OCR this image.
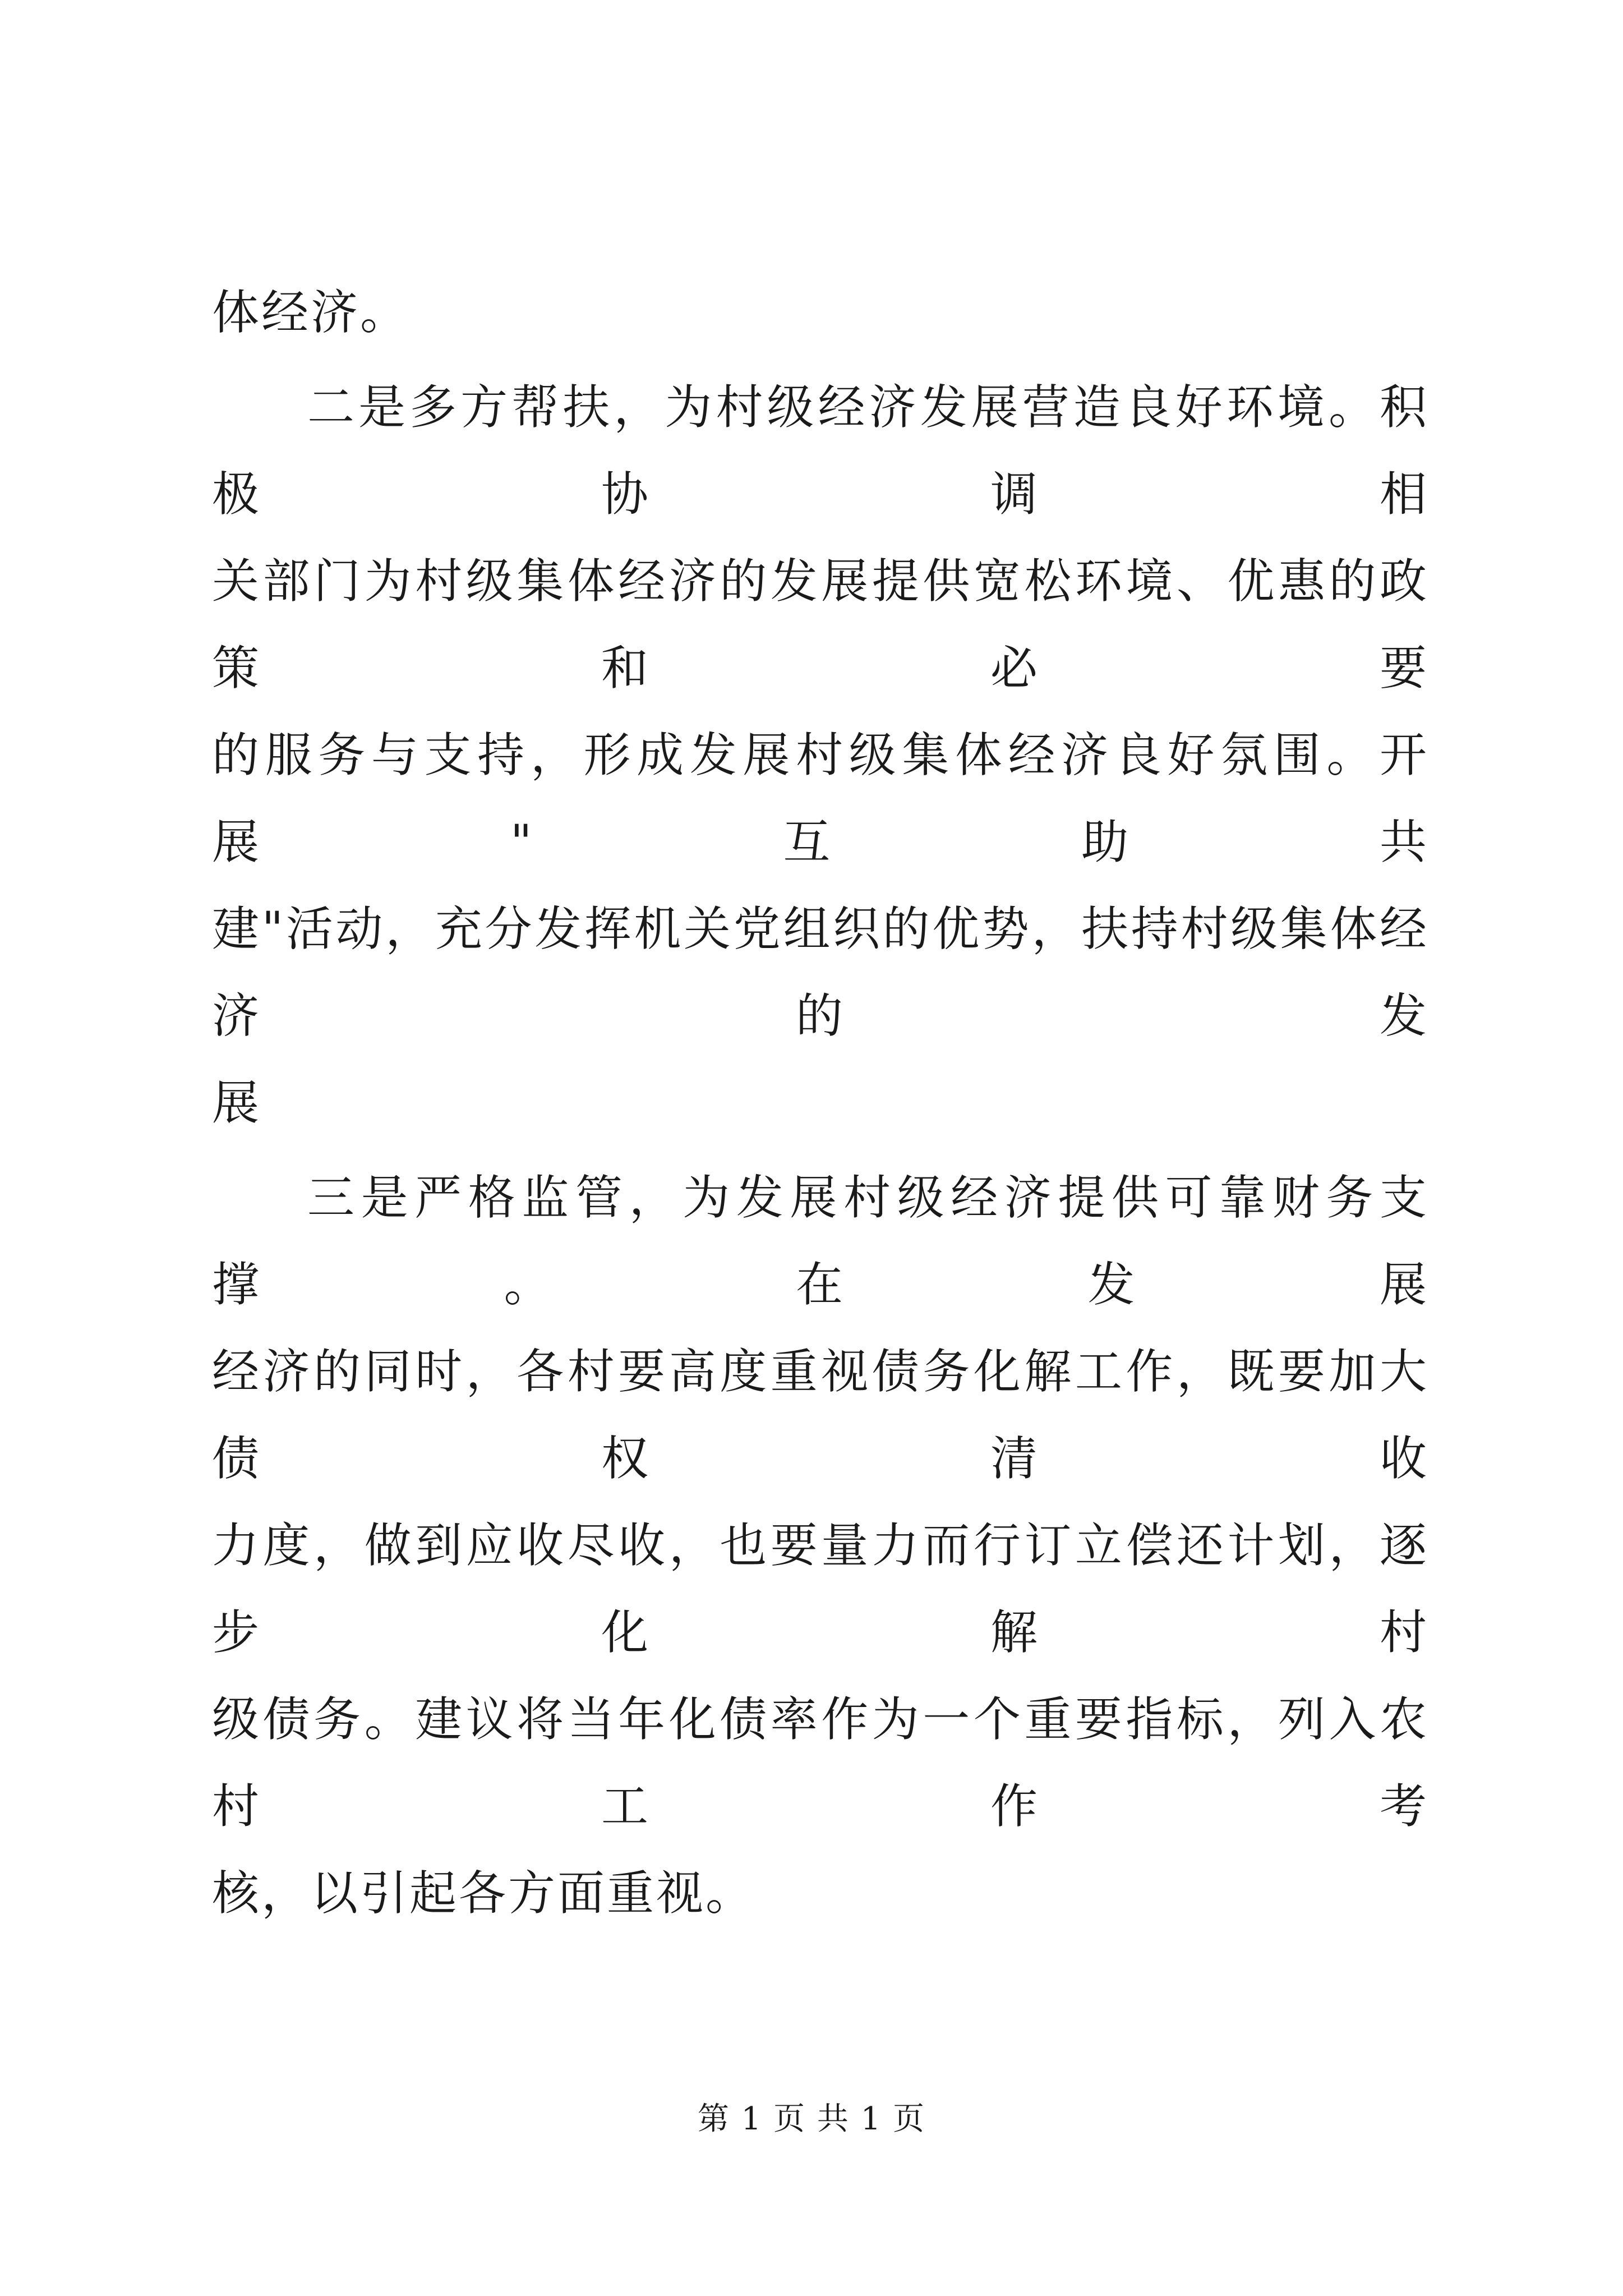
体经济。
二是多方帮扶，为村级经济发展营造良好环境。积极协调相
关部门为村级集体经济的发展提供宽松环境、优惠的政策和必要
的服务与支持，形成发展村级集体经济良好氛围。开展"互助共
建"活动，充分发挥机关党组织的优势，扶持村级集体经济的发
展
三是严格监管，为发展村级经济提供可靠财务支撑。在发展
经济的同时，各村要高度重视债务化解工作，既要加大债权清收
力度，做到应收尽收，也要量力而行订立偿还计划，逐步化解村
级债务。建议将当年化债率作为一个重要指标，列入农村工作考
核，以引起各方面重视。
第 1 页 共 1 页
